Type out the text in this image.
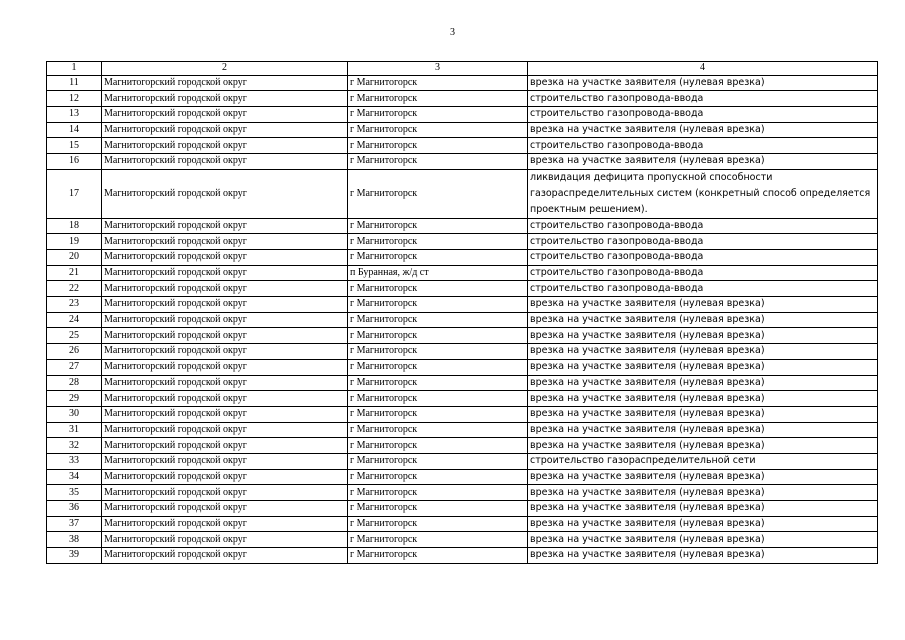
3
1	2	3	4
11	Магнитогорский городской округ	г Магнитогорск	врезка на участке заявителя (нулевая врезка)
12	Магнитогорский городской округ	г Магнитогорск	строительство газопровода-ввода
13	Магнитогорский городской округ	г Магнитогорск	строительство газопровода-ввода
14	Магнитогорский городской округ	г Магнитогорск	врезка на участке заявителя (нулевая врезка)
15	Магнитогорский городской округ	г Магнитогорск	строительство газопровода-ввода
16	Магнитогорский городской округ	г Магнитогорск	врезка на участке заявителя (нулевая врезка)
17	Магнитогорский городской округ	г Магнитогорск	ликвидация дефицита пропускной способности газораспределительных систем (конкретный способ определяется проектным решением).
18	Магнитогорский городской округ	г Магнитогорск	строительство газопровода-ввода
19	Магнитогорский городской округ	г Магнитогорск	строительство газопровода-ввода
20	Магнитогорский городской округ	г Магнитогорск	строительство газопровода-ввода
21	Магнитогорский городской округ	п Буранная, ж/д ст	строительство газопровода-ввода
22	Магнитогорский городской округ	г Магнитогорск	строительство газопровода-ввода
23	Магнитогорский городской округ	г Магнитогорск	врезка на участке заявителя (нулевая врезка)
24	Магнитогорский городской округ	г Магнитогорск	врезка на участке заявителя (нулевая врезка)
25	Магнитогорский городской округ	г Магнитогорск	врезка на участке заявителя (нулевая врезка)
26	Магнитогорский городской округ	г Магнитогорск	врезка на участке заявителя (нулевая врезка)
27	Магнитогорский городской округ	г Магнитогорск	врезка на участке заявителя (нулевая врезка)
28	Магнитогорский городской округ	г Магнитогорск	врезка на участке заявителя (нулевая врезка)
29	Магнитогорский городской округ	г Магнитогорск	врезка на участке заявителя (нулевая врезка)
30	Магнитогорский городской округ	г Магнитогорск	врезка на участке заявителя (нулевая врезка)
31	Магнитогорский городской округ	г Магнитогорск	врезка на участке заявителя (нулевая врезка)
32	Магнитогорский городской округ	г Магнитогорск	врезка на участке заявителя (нулевая врезка)
33	Магнитогорский городской округ	г Магнитогорск	строительство газораспределительной сети
34	Магнитогорский городской округ	г Магнитогорск	врезка на участке заявителя (нулевая врезка)
35	Магнитогорский городской округ	г Магнитогорск	врезка на участке заявителя (нулевая врезка)
36	Магнитогорский городской округ	г Магнитогорск	врезка на участке заявителя (нулевая врезка)
37	Магнитогорский городской округ	г Магнитогорск	врезка на участке заявителя (нулевая врезка)
38	Магнитогорский городской округ	г Магнитогорск	врезка на участке заявителя (нулевая врезка)
39	Магнитогорский городской округ	г Магнитогорск	врезка на участке заявителя (нулевая врезка)
